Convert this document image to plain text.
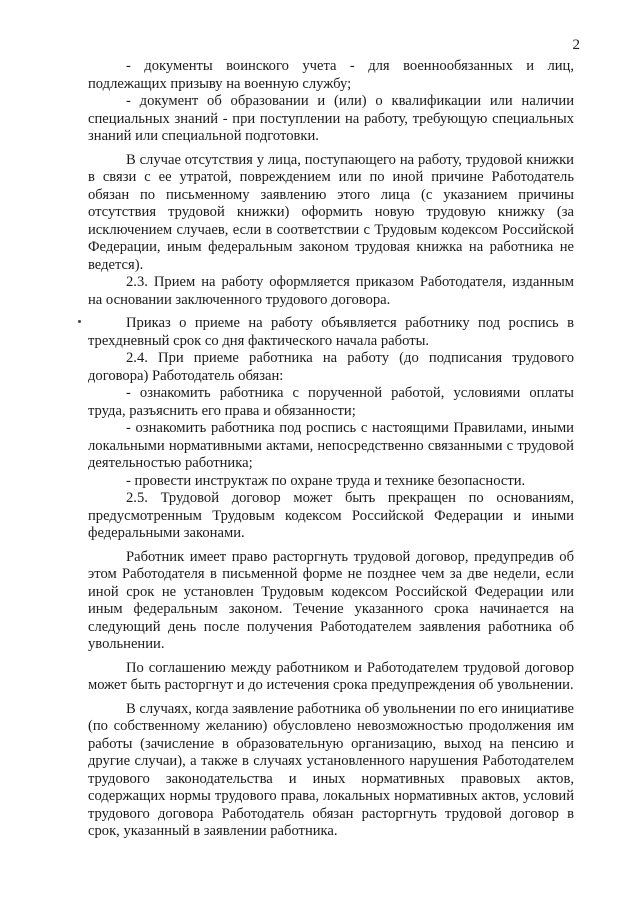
2

- документы воинского учета - для военнообязанных и лиц, подлежащих призыву на военную службу;

- документ об образовании и (или) о квалификации или наличии специальных знаний - при поступлении на работу, требующую специальных знаний или специальной подготовки.

В случае отсутствия у лица, поступающего на работу, трудовой книжки в связи с ее утратой, повреждением или по иной причине Работодатель обязан по письменному заявлению этого лица (с указанием причины отсутствия трудовой книжки) оформить новую трудовую книжку (за исключением случаев, если в соответствии с Трудовым кодексом Российской Федерации, иным федеральным законом трудовая книжка на работника не ведется).

2.3. Прием на работу оформляется приказом Работодателя, изданным на основании заключенного трудового договора.

Приказ о приеме на работу объявляется работнику под роспись в трехдневный срок со дня фактического начала работы.

2.4. При приеме работника на работу (до подписания трудового договора) Работодатель обязан:

- ознакомить работника с порученной работой, условиями оплаты труда, разъяснить его права и обязанности;

- ознакомить работника под роспись с настоящими Правилами, иными локальными нормативными актами, непосредственно связанными с трудовой деятельностью работника;

- провести инструктаж по охране труда и технике безопасности.

2.5. Трудовой договор может быть прекращен по основаниям, предусмотренным Трудовым кодексом Российской Федерации и иными федеральными законами.

Работник имеет право расторгнуть трудовой договор, предупредив об этом Работодателя в письменной форме не позднее чем за две недели, если иной срок не установлен Трудовым кодексом Российской Федерации или иным федеральным законом. Течение указанного срока начинается на следующий день после получения Работодателем заявления работника об увольнении.

По соглашению между работником и Работодателем трудовой договор может быть расторгнут и до истечения срока предупреждения об увольнении.

В случаях, когда заявление работника об увольнении по его инициативе (по собственному желанию) обусловлено невозможностью продолжения им работы (зачисление в образовательную организацию, выход на пенсию и другие случаи), а также в случаях установленного нарушения Работодателем трудового законодательства и иных нормативных правовых актов, содержащих нормы трудового права, локальных нормативных актов, условий трудового договора Работодатель обязан расторгнуть трудовой договор в срок, указанный в заявлении работника.
